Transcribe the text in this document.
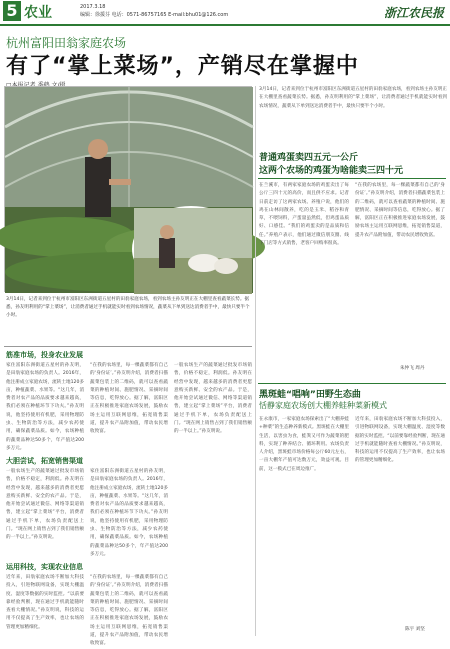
5 农业	2017.3.18
编辑：徐援芬 电话：0571-86757165 E-mail:bhu01@126.com	浙江农民报
杭州富阳田翁家庭农场
有了“掌上菜场”，产销尽在掌握中
3月14日，记者来到位于杭州市富阳区东洲街道五星村的田翁家庭农场，看到农场主孙友明正在大棚里查看蔬菜长势。据悉，孙友明利用的“掌上菜场”，让消费者通过手机就能实时看到农场情况，蔬菜从下单到送达消费者手中，最快只要半个小时。
筋准市场，投身农业发展
家住富阳东洲街道五星村的孙友明，是田翁家庭农场的负责人。2016年，他注册成立家庭农场，流转土地120多亩，种植蔬菜、水果等。“这几年，消费者对农产品的品质要求越来越高，我们必须在种植环节下功夫。”孙友明说，他坚持使用有机肥，采用物理防虫、生物防治等方法，减少农药使用，确保蔬菜品质。如今，农场种植的蔬菜品种达50多个，年产值达200多万元。
“在我的农场里，每一棵蔬菜都有自己的‘身份证’。”孙友明介绍，消费者扫描蔬菜包装上的二维码，就可以查看蔬菜的种植时间、施肥情况、采摘时间等信息，吃得放心。据了解，富阳区正在积极推进家庭农场发展，鼓励农场主运用互联网思维，拓宽销售渠道，提升农产品附加值，带动农民增收致富。
一般农场生产的蔬菜通过批发市场销售，价格不稳定，利润低。孙友明在经营中发现，越来越多的消费者更愿意购买新鲜、安全的农产品。于是，他开始尝试通过微信、网络等渠道销售，建立起“掌上菜场”平台，消费者通过手机下单，农场负责配送上门。“现在网上销售占到了我们销售额的一半以上。”孙友明说。
大胆尝试，拓宽销售渠道
一般农场生产的蔬菜通过批发市场销售，价格不稳定，利润低。孙友明在经营中发现，越来越多的消费者更愿意购买新鲜、安全的农产品。于是，他开始尝试通过微信、网络等渠道销售，建立起“掌上菜场”平台，消费者通过手机下单，农场负责配送上门。“现在网上销售占到了我们销售额的一半以上。”孙友明说。
家住富阳东洲街道五星村的孙友明，是田翁家庭农场的负责人。2016年，他注册成立家庭农场，流转土地120多亩，种植蔬菜、水果等。“这几年，消费者对农产品的品质要求越来越高，我们必须在种植环节下功夫。”孙友明说，他坚持使用有机肥，采用物理防虫、生物防治等方法，减少农药使用，确保蔬菜品质。如今，农场种植的蔬菜品种达50多个，年产值达200多万元。
运用科技，实现农业信息
近年来，田翁家庭农场不断加大科技投入，引进物联网设备，实现大棚温度、湿度等数据的实时监控。“以前要靠经验判断，现在通过手机就能随时查看大棚情况。”孙友明说，科技的运用不仅提高了生产效率，也让农场的管理更加精细化。
“在我的农场里，每一棵蔬菜都有自己的‘身份证’。”孙友明介绍，消费者扫描蔬菜包装上的二维码，就可以查看蔬菜的种植时间、施肥情况、采摘时间等信息，吃得放心。据了解，富阳区正在积极推进家庭农场发展，鼓励农场主运用互联网思维，拓宽销售渠道，提升农产品附加值，带动农民增收致富。
3月14日，记者来到位于杭州市富阳区东洲街道五星村的田翁家庭农场，看到农场主孙友明正在大棚里查看蔬菜长势。据悉，孙友明利用的“掌上菜场”，让消费者通过手机就能实时看到农场情况，蔬菜从下单到送达消费者手中，最快只要半个小时。
普通鸡蛋卖四五元一公斤
这两个农场的鸡蛋为啥能卖三四十元
在兰溪市，有两家家庭农场的鸡蛋卖出了每公斤三四十元的高价，而且供不应求。记者日前走访了这两家农场。养殖户说，他们的鸡在山林间散养，吃的是玉米、稻谷和青草，不喂饲料，产蛋量虽然低，但鸡蛋品质好、口感佳。“我们的鸡蛋卖的是品质和信任。”养殖户表示，他们通过微信朋友圈、线下门店等方式销售，老客户回购率很高。
“在我的农场里，每一棵蔬菜都有自己的‘身份证’。”孙友明介绍，消费者扫描蔬菜包装上的二维码，就可以查看蔬菜的种植时间、施肥情况、采摘时间等信息，吃得放心。据了解，富阳区正在积极推进家庭农场发展，鼓励农场主运用互联网思维，拓宽销售渠道，提升农产品附加值，带动农民增收致富。
朱仲飞 周丹
黑斑蛙“唱响”田野生态曲
恬静家庭农场创大棚养蛙种菜新模式
在永康市，一家家庭农场探索出了“大棚养蛙+种菜”的生态种养新模式。黑斑蛙在大棚里生活，以害虫为食，蛙粪又可作为蔬菜的肥料，实现了种养结合、循环利用。农场负责人介绍，黑斑蛙市场价格每公斤60元左右，一亩大棚年产值可达数万元，效益可观。目前，这一模式已在周边推广。
近年来，田翁家庭农场不断加大科技投入，引进物联网设备，实现大棚温度、湿度等数据的实时监控。“以前要靠经验判断，现在通过手机就能随时查看大棚情况。”孙友明说，科技的运用不仅提高了生产效率，也让农场的管理更加精细化。
陈宇 刘坚
